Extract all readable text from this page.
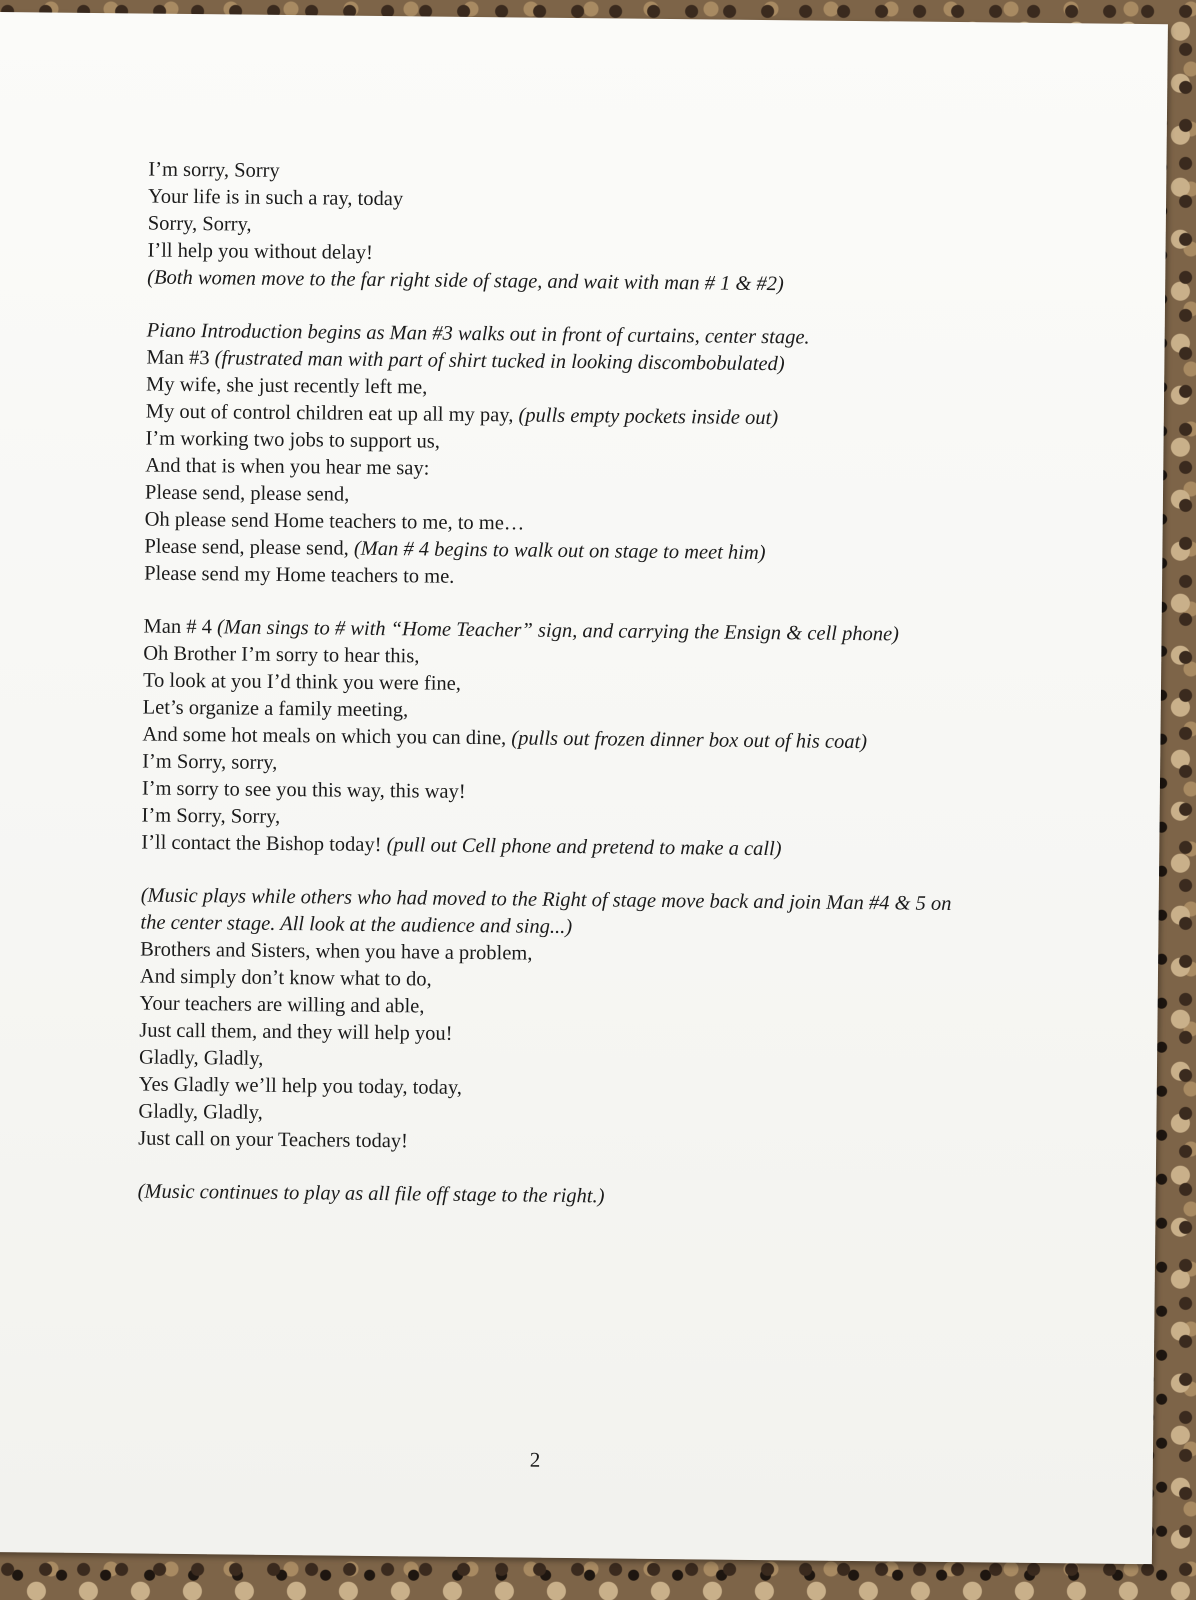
I’m sorry, Sorry
Your life is in such a ray, today
Sorry, Sorry,
I’ll help you without delay!
(Both women move to the far right side of stage, and wait with man # 1 & #2)
Piano Introduction begins as Man #3 walks out in front of curtains, center stage.
Man #3 (frustrated man with part of shirt tucked in looking discombobulated)
My wife, she just recently left me,
My out of control children eat up all my pay, (pulls empty pockets inside out)
I’m working two jobs to support us,
And that is when you hear me say:
Please send, please send,
Oh please send Home teachers to me, to me…
Please send, please send, (Man # 4 begins to walk out on stage to meet him)
Please send my Home teachers to me.
Man # 4 (Man sings to # with “Home Teacher” sign, and carrying the Ensign & cell phone)
Oh Brother I’m sorry to hear this,
To look at you I’d think you were fine,
Let’s organize a family meeting,
And some hot meals on which you can dine, (pulls out frozen dinner box out of his coat)
I’m Sorry, sorry,
I’m sorry to see you this way, this way!
I’m Sorry, Sorry,
I’ll contact the Bishop today! (pull out Cell phone and pretend to make a call)
(Music plays while others who had moved to the Right of stage move back and join Man #4 & 5 on the center stage. All look at the audience and sing...)
Brothers and Sisters, when you have a problem,
And simply don’t know what to do,
Your teachers are willing and able,
Just call them, and they will help you!
Gladly, Gladly,
Yes Gladly we’ll help you today, today,
Gladly, Gladly,
Just call on your Teachers today!
(Music continues to play as all file off stage to the right.)
2
